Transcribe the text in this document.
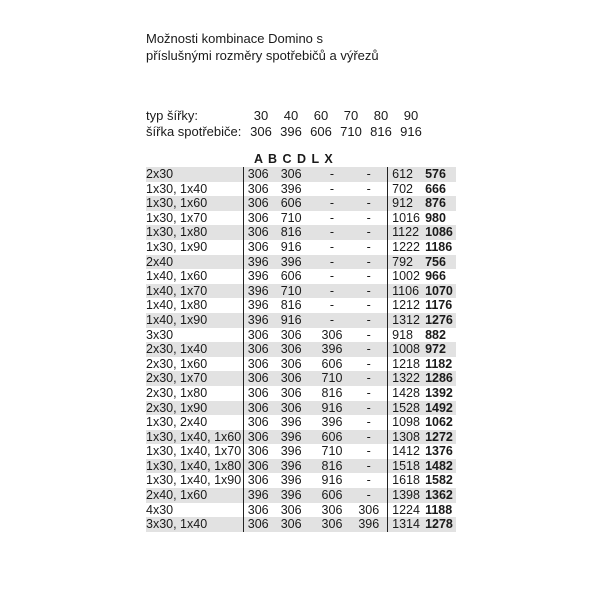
Možnosti kombinace Domino s
příslušnými rozměry spotřebičů a výřezů
typ šířky:	30	40	60	70	80	90
šířka spotřebiče: 306 396 606 710 816 916
A B C D L X
2x30	306 306	-	-	612 576
1x30, 1x40	306 396	-	-	702 666
1x30, 1x60	306 606	-	-	912 876
1x30, 1x70	306 710	-	-	1016 980
1x30, 1x80	306 816	-	-	1122 1086
1x30, 1x90	306 916	-	-	1222 1186
2x40	396 396	-	-	792 756
1x40, 1x60	396 606	-	-	1002 966
1x40, 1x70	396 710	-	-	1106 1070
1x40, 1x80	396 816	-	-	1212 1176
1x40, 1x90	396 916	-	-	1312 1276
3x30	306 306	306	-	918 882
2x30, 1x40	306 306	396	-	1008 972
2x30, 1x60	306 306	606	-	1218 1182
2x30, 1x70	306 306	710	-	1322 1286
2x30, 1x80	306 306	816	-	1428 1392
2x30, 1x90	306 306	916	-	1528 1492
1x30, 2x40	306 396	396	-	1098 1062
1x30, 1x40, 1x60 306 396	606	-	1308 1272
1x30, 1x40, 1x70 306 396	710	-	1412 1376
1x30, 1x40, 1x80 306 396	816	-	1518 1482
1x30, 1x40, 1x90 306 396	916	-	1618 1582
2x40, 1x60	396 396	606	-	1398 1362
4x30	306 306	306	306	1224 1188
3x30, 1x40	306 306	306	396	1314 1278
